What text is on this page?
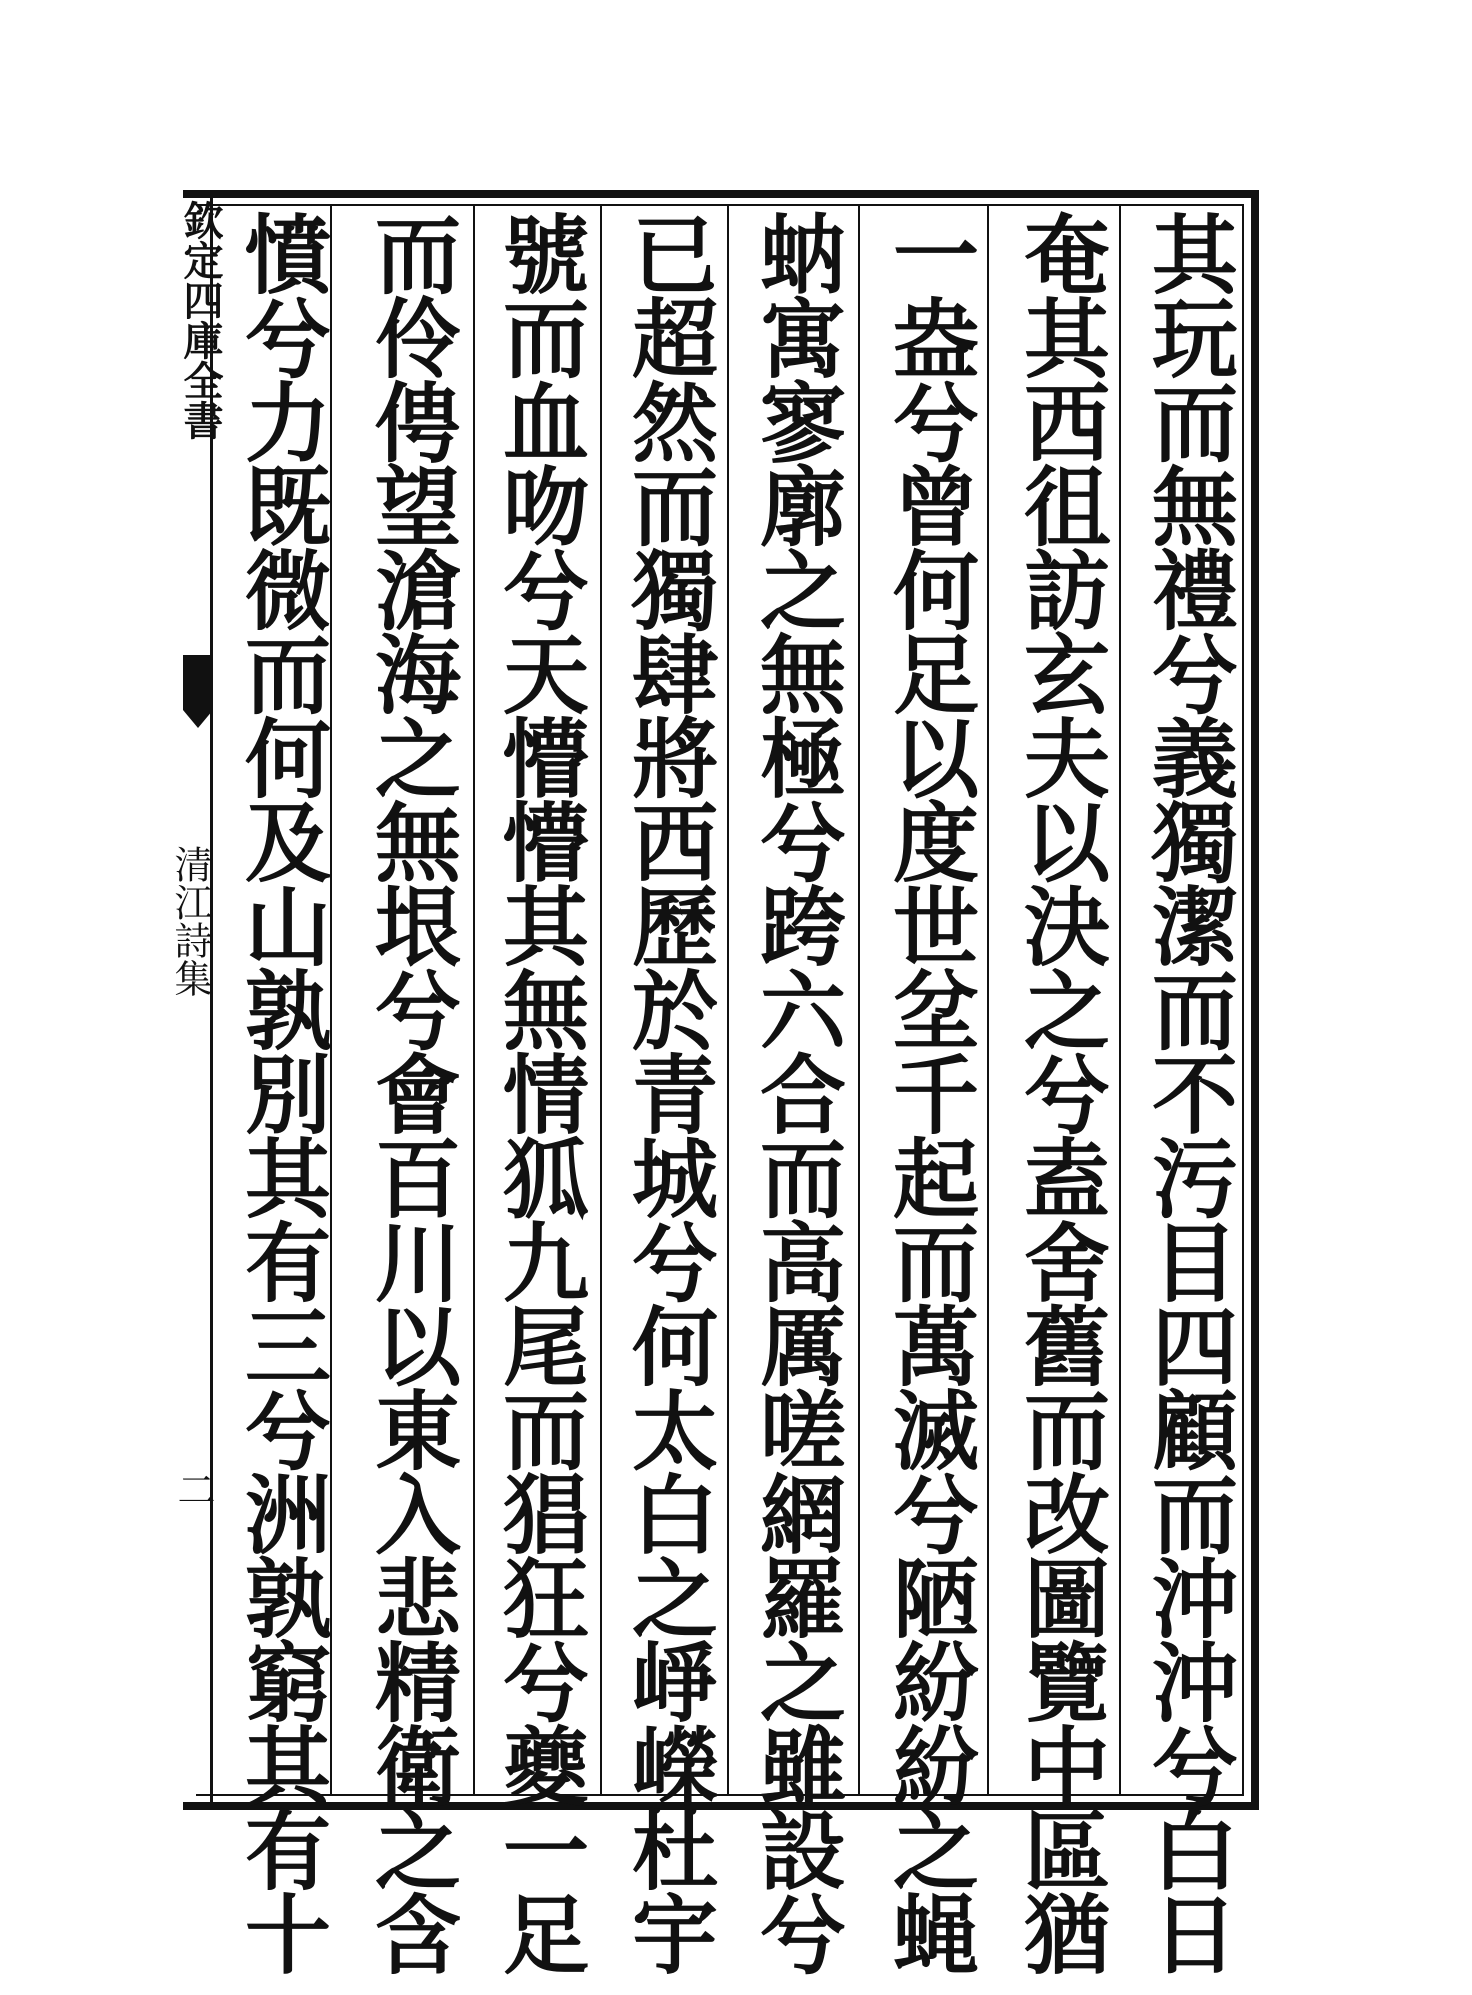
欽定四庫全書
清江詩集
二	其玩而無禮兮義獨潔而不污目四顧而沖沖兮白日
奄其西徂訪玄夫以決之兮盍舍舊而改圖覽中區猶
一盎兮曾何足以度世坌千起而萬滅兮陋紛紛之蝇
蚋寓寥廓之無極兮跨六合而高厲嗟網羅之雖設兮
已超然而獨肆將西歷於青城兮何太白之崢嶸杜宇
號而血吻兮天懵懵其無情狐九尾而猖狂兮夔一足
而伶俜望滄海之無垠兮會百川以東入悲精衛之含
憤兮力既微而何及山孰別其有三兮洲孰窮其有十
